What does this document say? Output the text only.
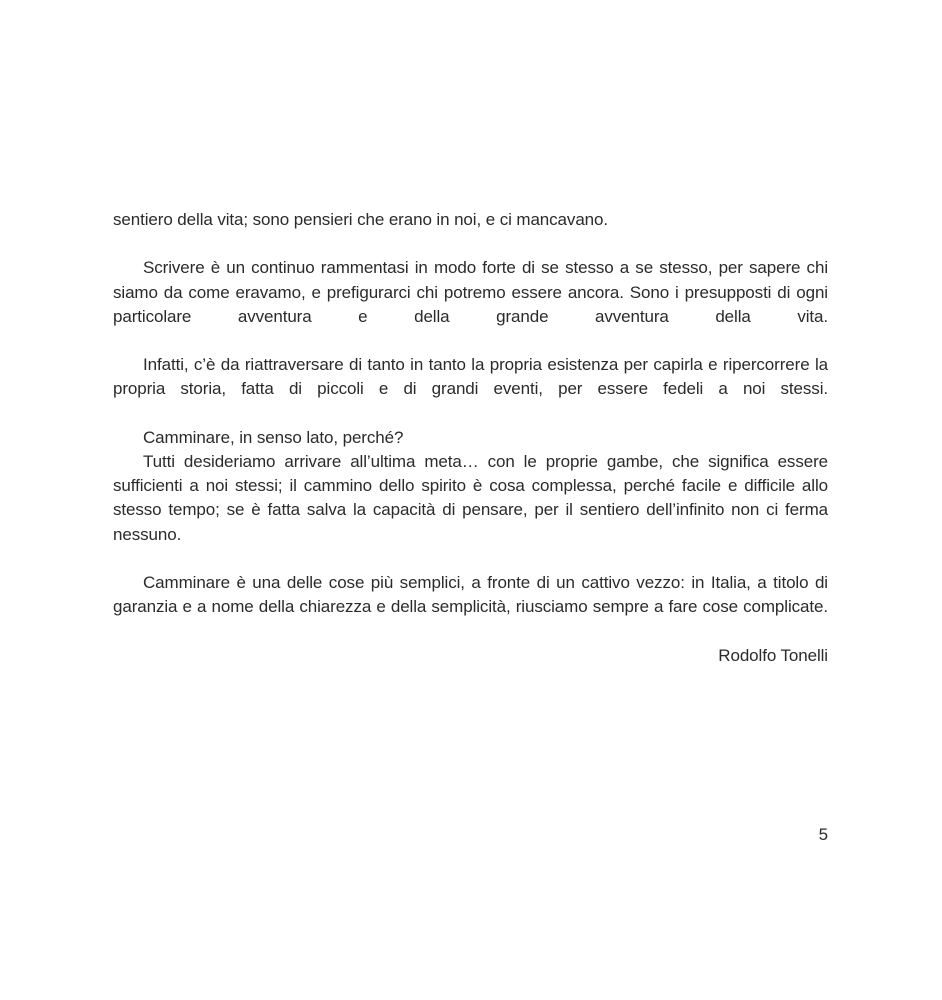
sentiero della vita; sono pensieri che erano in noi, e ci mancavano.

Scrivere è un continuo rammentasi in modo forte di se stesso a se stesso, per sapere chi siamo da come eravamo, e prefigurarci chi potremo essere ancora. Sono i presupposti di ogni particolare avventura e della grande avventura della vita.

Infatti, c’è da riattraversare di tanto in tanto la propria esistenza per capirla e ripercorrere la propria storia, fatta di piccoli e di grandi eventi, per essere fedeli a noi stessi.

Camminare, in senso lato, perché?

Tutti desideriamo arrivare all’ultima meta… con le proprie gambe, che significa essere sufficienti a noi stessi; il cammino dello spirito è cosa complessa, perché facile e difficile allo stesso tempo; se è fatta salva la capacità di pensare, per il sentiero dell’infinito non ci ferma nessuno.

Camminare è una delle cose più semplici, a fronte di un cattivo vezzo: in Italia, a titolo di garanzia e a nome della chiarezza e della semplicità, riusciamo sempre a fare cose complicate.

Rodolfo Tonelli

5
